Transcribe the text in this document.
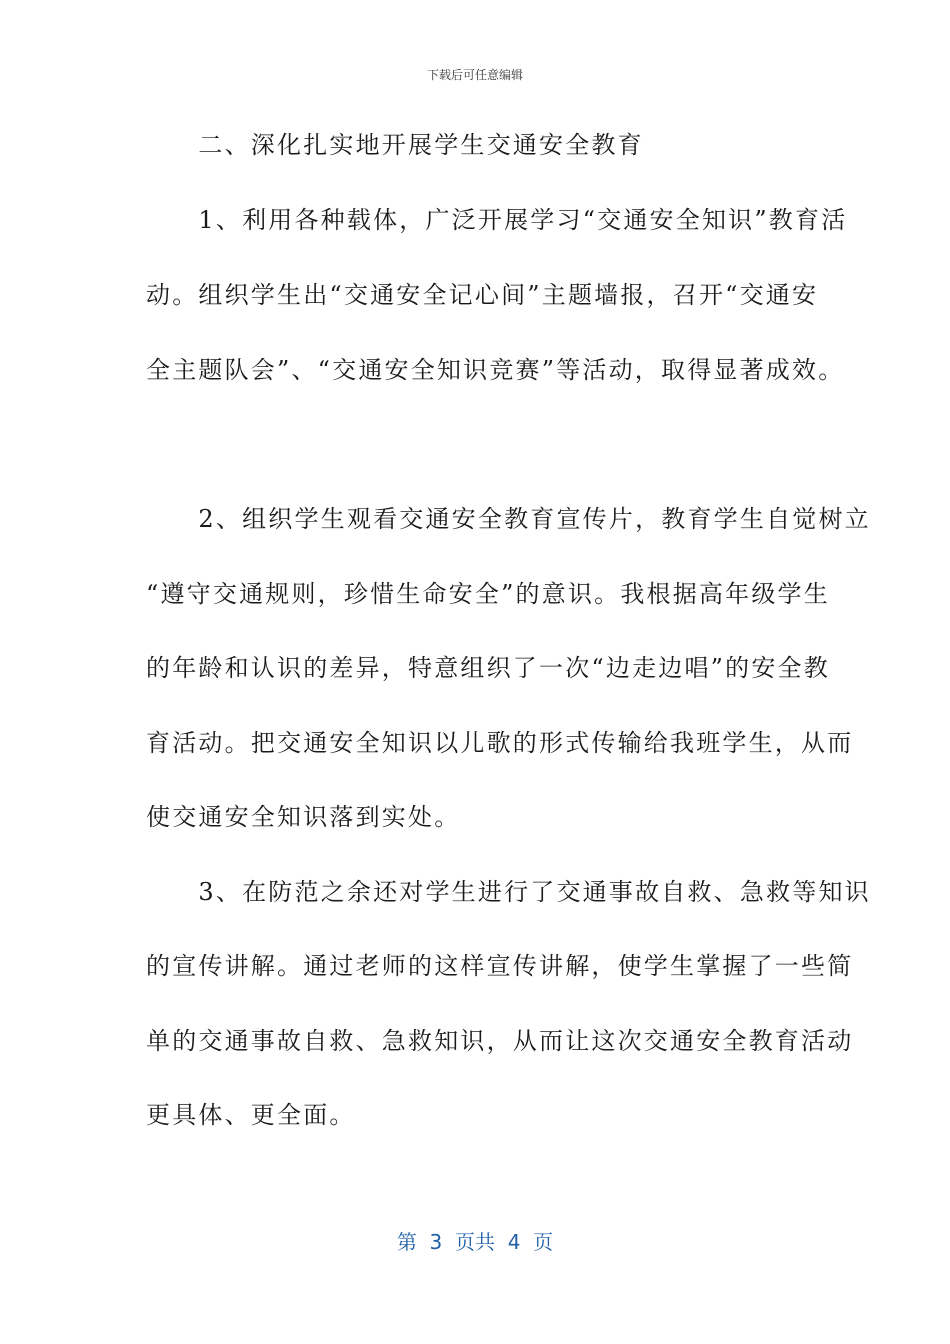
下载后可任意编辑
　　二、深化扎实地开展学生交通安全教育
　　1、利用各种载体，广泛开展学习“交通安全知识”教育活
动。组织学生出“交通安全记心间”主题墙报，召开“交通安
全主题队会”、“交通安全知识竞赛”等活动，取得显著成效。
　　2、组织学生观看交通安全教育宣传片，教育学生自觉树立
“遵守交通规则，珍惜生命安全”的意识。我根据高年级学生
的年龄和认识的差异，特意组织了一次“边走边唱”的安全教
育活动。把交通安全知识以儿歌的形式传输给我班学生，从而
使交通安全知识落到实处。
　　3、在防范之余还对学生进行了交通事故自救、急救等知识
的宣传讲解。通过老师的这样宣传讲解，使学生掌握了一些简
单的交通事故自救、急救知识，从而让这次交通安全教育活动
更具体、更全面。
第  3  页共  4  页
